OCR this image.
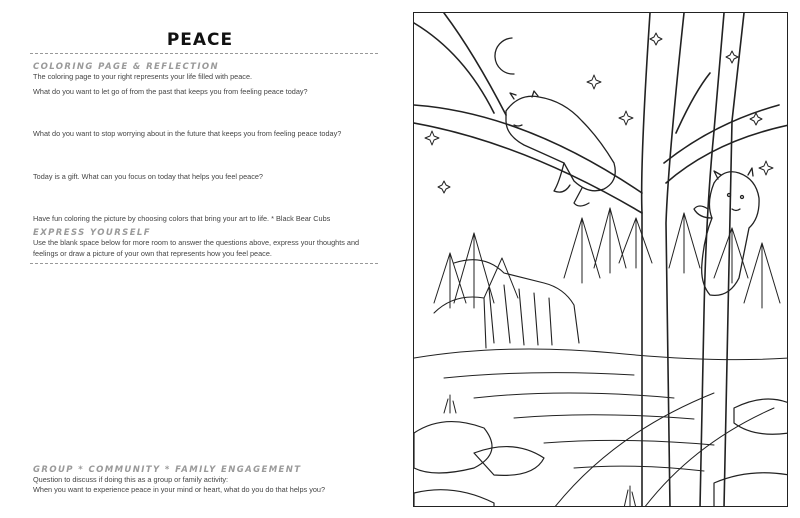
PEACE
COLORING PAGE & REFLECTION
The coloring page to your right represents your life filled with peace.
What do you want to let go of from the past that keeps you from feeling peace today?
What do you want to stop worrying about in the future that keeps you from feeling peace today?
Today is a gift. What can you focus on today that helps you feel peace?
Have fun coloring the picture by choosing colors that bring your art to life. * Black Bear Cubs
EXPRESS YOURSELF
Use the blank space below for more room to answer the questions above, express your thoughts and
feelings or draw a picture of your own that represents how you feel peace.
GROUP * COMMUNITY * FAMILY ENGAGEMENT
Question to discuss if doing this as a group or family activity:
When you want to experience peace in your mind or heart, what do you do that helps you?
